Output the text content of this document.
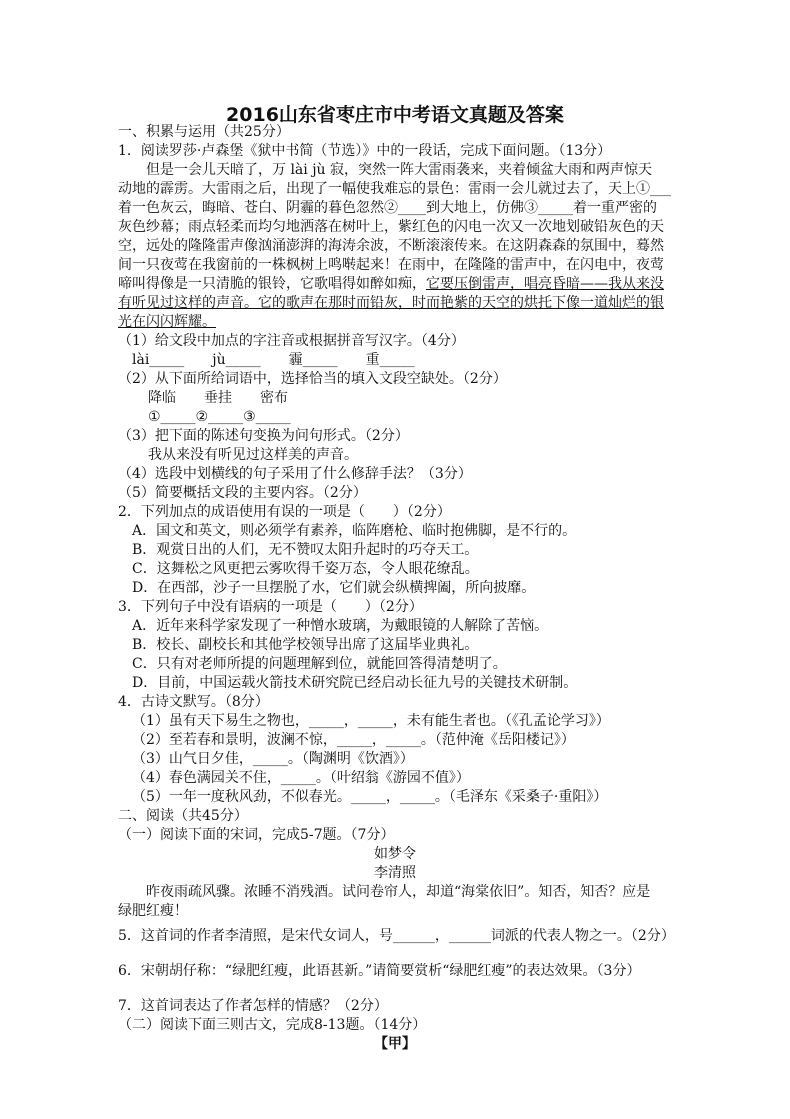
2016山东省枣庄市中考语文真题及答案
一、积累与运用（共25分）
1．阅读罗莎·卢森堡《狱中书简（节选）》中的一段话，完成下面问题。（13分）
　　但是一会儿天暗了，万 lài jù 寂，突然一阵大雷雨袭来，夹着倾盆大雨和两声惊天
动地的霹雳。大雷雨之后，出现了一幅使我难忘的景色：雷雨一会儿就过去了，天上①___
着一色灰云，晦暗、苍白、阴霾的暮色忽然②____到大地上，仿佛③_____着一重严密的
灰色纱幕；雨点轻柔而均匀地洒落在树叶上，紫红色的闪电一次又一次地划破铅灰色的天
空，远处的隆隆雷声像汹涌澎湃的海涛余波，不断滚滚传来。在这阴森森的氛围中，蓦然
间一只夜莺在我窗前的一株枫树上鸣啭起来！在雨中，在隆隆的雷声中，在闪电中，夜莺
啼叫得像是一只清脆的银铃，它歌唱得如醉如痴，它要压倒雷声，唱亮昏暗——我从来没
有听见过这样的声音。它的歌声在那时而铅灰，时而艳紫的天空的烘托下像一道灿烂的银
光在闪闪辉耀。
（1）给文段中加点的字注音或根据拼音写汉字。（4分）
lài_____　　jù_____　　霾_____　　重_____
（2）从下面所给词语中，选择恰当的填入文段空缺处。（2分）
降临　　垂挂　　密布
①_____②_____③_____
（3）把下面的陈述句变换为问句形式。（2分）
我从来没有听见过这样美的声音。
（4）选段中划横线的句子采用了什么修辞手法？（3分）
（5）简要概括文段的主要内容。（2分）
2．下列加点的成语使用有误的一项是（　　）（2分）
A．国文和英文，则必须学有素养，临阵磨枪、临时抱佛脚，是不行的。
B．观赏日出的人们，无不赞叹太阳升起时的巧夺天工。
C．这舞松之风更把云雾吹得千姿万态，令人眼花缭乱。
D．在西部，沙子一旦摆脱了水，它们就会纵横捭阖，所向披靡。
3．下列句子中没有语病的一项是（　　）（2分）
A．近年来科学家发现了一种憎水玻璃，为戴眼镜的人解除了苦恼。
B．校长、副校长和其他学校领导出席了这届毕业典礼。
C．只有对老师所提的问题理解到位，就能回答得清楚明了。
D．目前，中国运载火箭技术研究院已经启动长征九号的关键技术研制。
4．古诗文默写。（8分）
（1）虽有天下易生之物也，_____，_____，未有能生者也。（《孔孟论学习》）
（2）至若春和景明，波澜不惊，_____，_____。（范仲淹《岳阳楼记》）
（3）山气日夕佳，_____。（陶渊明《饮酒》）
（4）春色满园关不住，_____。（叶绍翁《游园不值》）
（5）一年一度秋风劲，不似春光。_____，_____。（毛泽东《采桑子·重阳》）
二、阅读（共45分）
（一）阅读下面的宋词，完成5-7题。（7分）
如梦令
李清照
　　昨夜雨疏风骤。浓睡不消残酒。试问卷帘人，却道“海棠依旧”。知否，知否？应是
绿肥红瘦！
5．这首词的作者李清照，是宋代女词人，号______，______词派的代表人物之一。（2分）
6．宋朝胡仔称：“绿肥红瘦，此语甚新。”请简要赏析“绿肥红瘦”的表达效果。（3分）
7．这首词表达了作者怎样的情感？（2分）
（二）阅读下面三则古文，完成8-13题。（14分）
【甲】
